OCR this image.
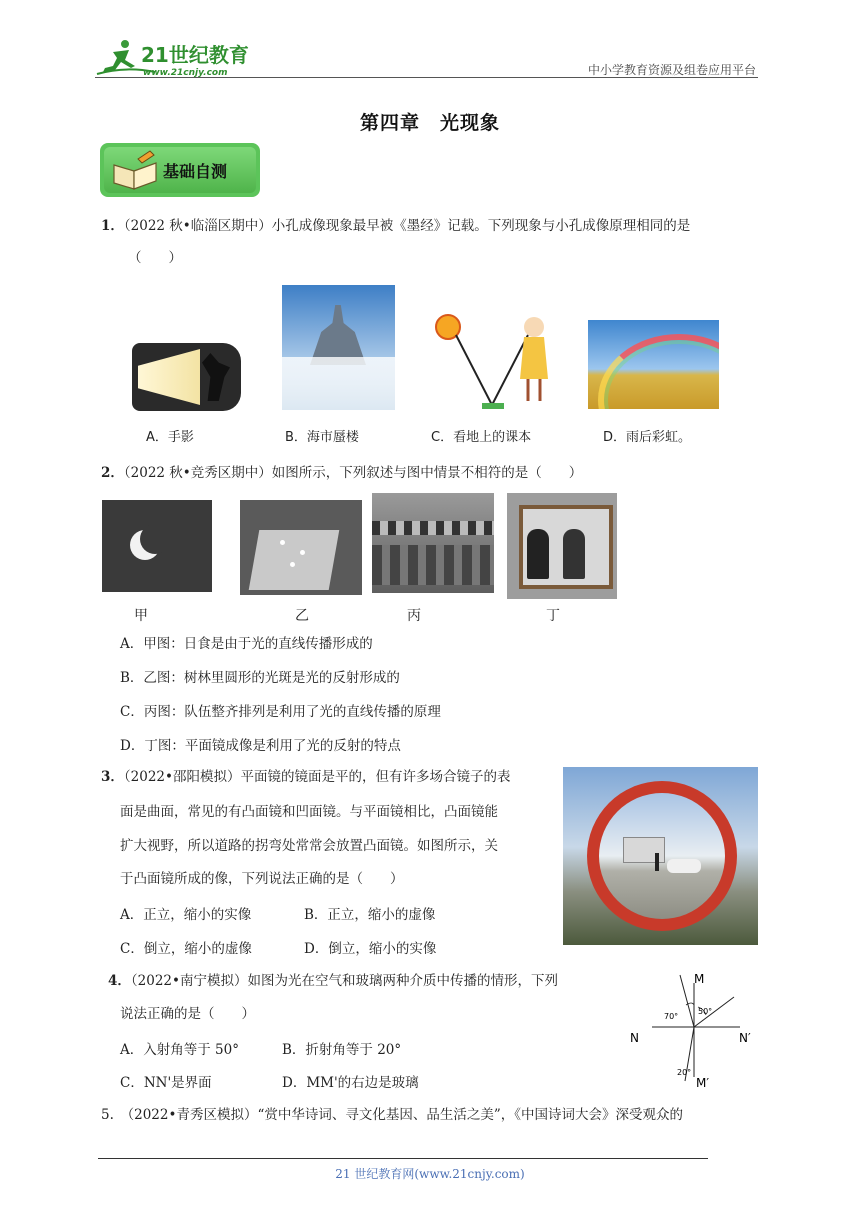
21世纪教育
www.21cnjy.com	中小学教育资源及组卷应用平台
第四章　光现象
基础自测
1．（2022 秋•临淄区期中）小孔成像现象最早被《墨经》记载。下列现象与小孔成像原理相同的是
（　　）
A．手影	B．海市蜃楼	C．看地上的课本	D．雨后彩虹。
2．（2022 秋•竞秀区期中）如图所示，下列叙述与图中情景不相符的是（　　）
甲	乙	丙	丁
A．甲图：日食是由于光的直线传播形成的
B．乙图：树林里圆形的光斑是光的反射形成的
C．丙图：队伍整齐排列是利用了光的直线传播的原理
D．丁图：平面镜成像是利用了光的反射的特点
3．（2022•邵阳模拟）平面镜的镜面是平的，但有许多场合镜子的表
面是曲面，常见的有凸面镜和凹面镜。与平面镜相比，凸面镜能
扩大视野，所以道路的拐弯处常常会放置凸面镜。如图所示，关
于凸面镜所成的像，下列说法正确的是（　　）
A．正立，缩小的实像	B．正立，缩小的虚像
C．倒立，缩小的虚像	D．倒立，缩小的实像
4．（2022•南宁模拟）如图为光在空气和玻璃两种介质中传播的情形，下列
说法正确的是（　　）
A．入射角等于 50°	B．折射角等于 20°
C．NN'是界面	D．MM'的右边是玻璃
M
M′
N	N′
70°
50°
20°
5.　（2022•青秀区模拟）“赏中华诗词、寻文化基因、品生活之美”，《中国诗词大会》深受观众的
21 世纪教育网(www.21cnjy.com)
